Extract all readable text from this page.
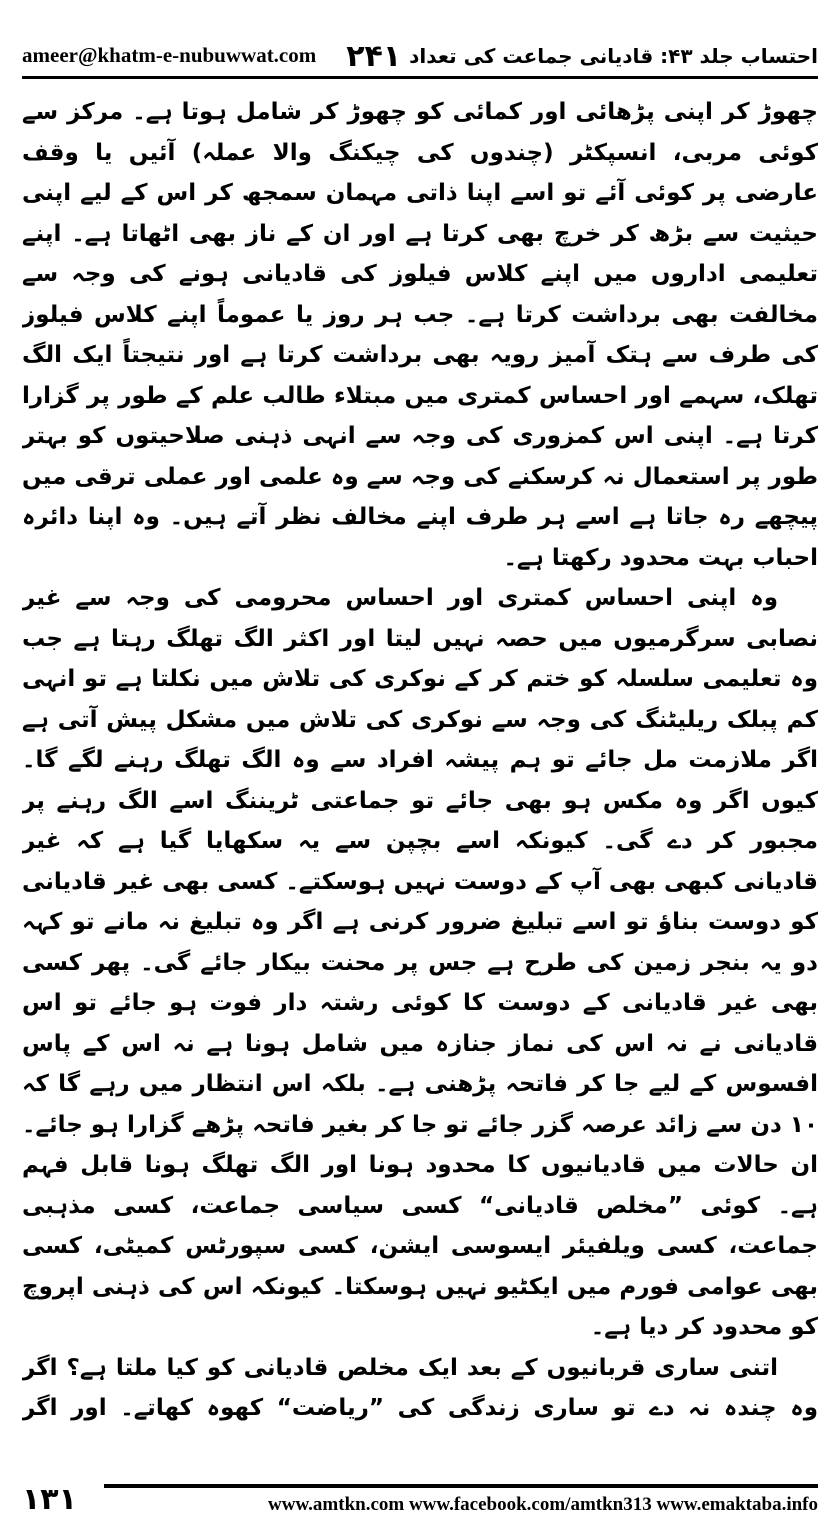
ameer@khatm-e-nubuwwat.com ۲۴۱ احتساب جلد ۴۳: قادیانی جماعت کی تعداد

چھوڑ کر اپنی پڑھائی اور کمائی کو چھوڑ کر شامل ہوتا ہے۔ مرکز سے کوئی مربی، انسپکٹر (چندوں کی چیکنگ والا عملہ) آئیں یا وقف عارضی پر کوئی آئے تو اسے اپنا ذاتی مہمان سمجھ کر اس کے لیے اپنی حیثیت سے بڑھ کر خرچ بھی کرتا ہے اور ان کے ناز بھی اٹھاتا ہے۔ اپنے تعلیمی اداروں میں اپنے کلاس فیلوز کی قادیانی ہونے کی وجہ سے مخالفت بھی برداشت کرتا ہے۔ جب ہر روز یا عموماً اپنے کلاس فیلوز کی طرف سے ہتک آمیز رویہ بھی برداشت کرتا ہے اور نتیجتاً ایک الگ تھلک، سہمے اور احساس کمتری میں مبتلاء طالب علم کے طور پر گزارا کرتا ہے۔ اپنی اس کمزوری کی وجہ سے انہی ذہنی صلاحیتوں کو بہتر طور پر استعمال نہ کرسکنے کی وجہ سے وہ علمی اور عملی ترقی میں پیچھے رہ جاتا ہے اسے ہر طرف اپنے مخالف نظر آتے ہیں۔ وہ اپنا دائرہ احباب بہت محدود رکھتا ہے۔

وہ اپنی احساس کمتری اور احساس محرومی کی وجہ سے غیر نصابی سرگرمیوں میں حصہ نہیں لیتا اور اکثر الگ تھلگ رہتا ہے جب وہ تعلیمی سلسلہ کو ختم کر کے نوکری کی تلاش میں نکلتا ہے تو انہی کم پبلک ریلیٹنگ کی وجہ سے نوکری کی تلاش میں مشکل پیش آتی ہے اگر ملازمت مل جائے تو ہم پیشہ افراد سے وہ الگ تھلگ رہنے لگے گا۔ کیوں اگر وہ مکس ہو بھی جائے تو جماعتی ٹریننگ اسے الگ رہنے پر مجبور کر دے گی۔ کیونکہ اسے بچپن سے یہ سکھایا گیا ہے کہ غیر قادیانی کبھی بھی آپ کے دوست نہیں ہوسکتے۔ کسی بھی غیر قادیانی کو دوست بناؤ تو اسے تبلیغ ضرور کرنی ہے اگر وہ تبلیغ نہ مانے تو کہہ دو یہ بنجر زمین کی طرح ہے جس پر محنت بیکار جائے گی۔ پھر کسی بھی غیر قادیانی کے دوست کا کوئی رشتہ دار فوت ہو جائے تو اس قادیانی نے نہ اس کی نماز جنازہ میں شامل ہونا ہے نہ اس کے پاس افسوس کے لیے جا کر فاتحہ پڑھنی ہے۔ بلکہ اس انتظار میں رہے گا کہ ۱۰ دن سے زائد عرصہ گزر جائے تو جا کر بغیر فاتحہ پڑھے گزارا ہو جائے۔ ان حالات میں قادیانیوں کا محدود ہونا اور الگ تھلگ ہونا قابل فہم ہے۔ کوئی ”مخلص قادیانی“ کسی سیاسی جماعت، کسی مذہبی جماعت، کسی ویلفیئر ایسوسی ایشن، کسی سپورٹس کمیٹی، کسی بھی عوامی فورم میں ایکٹیو نہیں ہوسکتا۔ کیونکہ اس کی ذہنی اپروچ کو محدود کر دیا ہے۔

اتنی ساری قربانیوں کے بعد ایک مخلص قادیانی کو کیا ملتا ہے؟ اگر وہ چندہ نہ دے تو ساری زندگی کی ”ریاضت“ کھوہ کھاتے۔ اور اگر

۱۳۱	www.amtkn.com www.facebook.com/amtkn313 www.emaktaba.info
